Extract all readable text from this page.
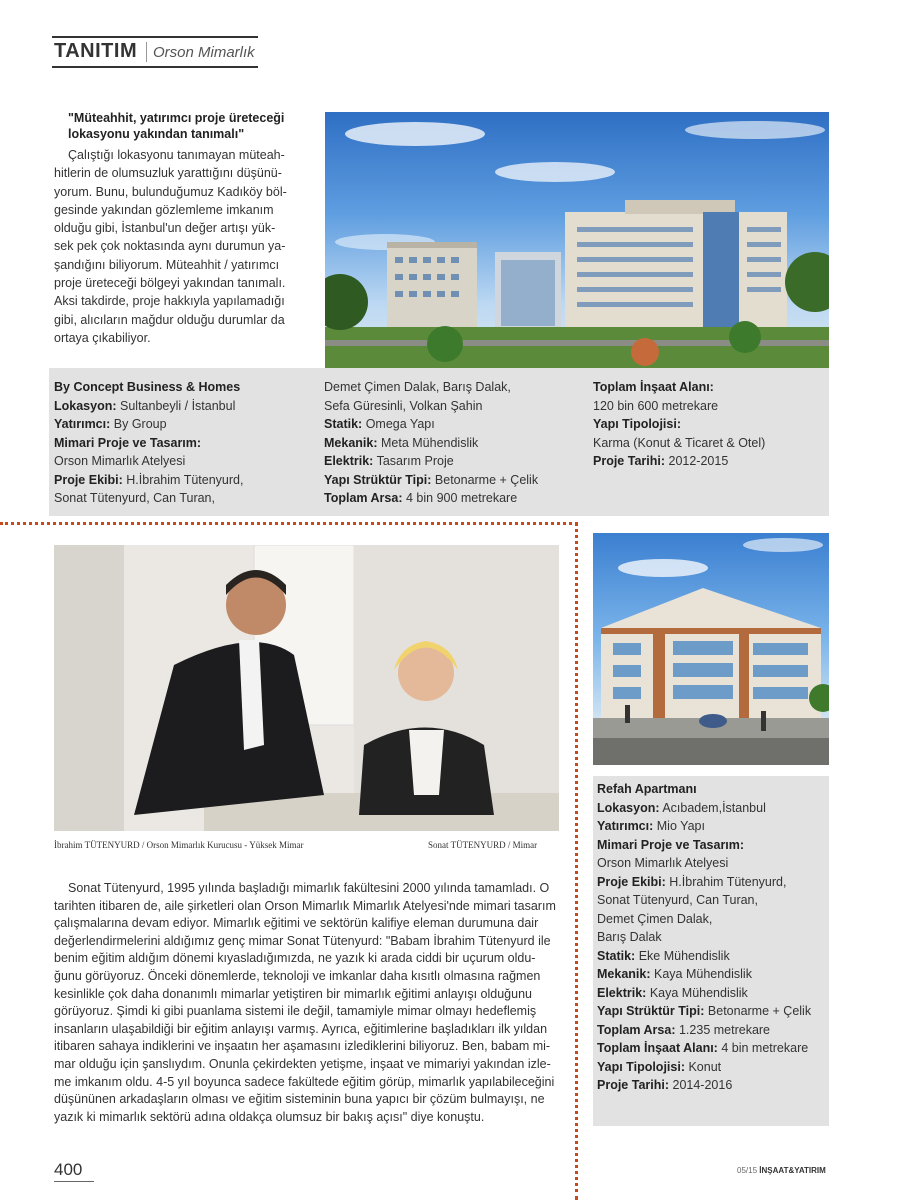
TANITIM Orson Mimarlık
"Müteahhit, yatırımcı proje üreteceği lokasyonu yakından tanımalı"
Çalıştığı lokasyonu tanımayan müteah-
hitlerin de olumsuzluk yarattığını düşünü-
yorum. Bunu, bulunduğumuz Kadıköy böl-
gesinde yakından gözlemleme imkanım
olduğu gibi, İstanbul'un değer artışı yük-
sek pek çok noktasında aynı durumun ya-
şandığını biliyorum. Müteahhit / yatırımcı
proje üreteceği bölgeyi yakından tanımalı.
Aksi takdirde, proje hakkıyla yapılamadığı
gibi, alıcıların mağdur olduğu durumlar da
ortaya çıkabiliyor.
By Concept Business & Homes
Lokasyon: Sultanbeyli / İstanbul
Yatırımcı: By Group
Mimari Proje ve Tasarım:
Orson Mimarlık Atelyesi
Proje Ekibi: H.İbrahim Tütenyurd,
Sonat Tütenyurd, Can Turan,
Demet Çimen Dalak, Barış Dalak,
Sefa Güresinli, Volkan Şahin
Statik: Omega Yapı
Mekanik: Meta Mühendislik
Elektrik: Tasarım Proje
Yapı Strüktür Tipi: Betonarme + Çelik
Toplam Arsa: 4 bin 900 metrekare
Toplam İnşaat Alanı:
120 bin 600 metrekare
Yapı Tipolojisi:
Karma (Konut & Ticaret & Otel)
Proje Tarihi: 2012-2015
İbrahim TÜTENYURD / Orson Mimarlık Kurucusu - Yüksek Mimar	Sonat TÜTENYURD / Mimar
Sonat Tütenyurd, 1995 yılında başladığı mimarlık fakültesini 2000 yılında tamamladı. O
tarihten itibaren de, aile şirketleri olan Orson Mimarlık Mimarlık Atelyesi'nde mimari tasarım
çalışmalarına devam ediyor. Mimarlık eğitimi ve sektörün kalifiye eleman durumuna dair
değerlendirmelerini aldığımız genç mimar Sonat Tütenyurd: "Babam İbrahim Tütenyurd ile
benim eğitim aldığım dönemi kıyasladığımızda, ne yazık ki arada ciddi bir uçurum oldu-
ğunu görüyoruz. Önceki dönemlerde, teknoloji ve imkanlar daha kısıtlı olmasına rağmen
kesinlikle çok daha donanımlı mimarlar yetiştiren bir mimarlık eğitimi anlayışı olduğunu
görüyoruz. Şimdi ki gibi puanlama sistemi ile değil, tamamiyle mimar olmayı hedeflemiş
insanların ulaşabildiği bir eğitim anlayışı varmış. Ayrıca, eğitimlerine başladıkları ilk yıldan
itibaren sahaya indiklerini ve inşaatın her aşamasını izlediklerini biliyoruz. Ben, babam mi-
mar olduğu için şanslıydım. Onunla çekirdekten yetişme, inşaat ve mimariyi yakından izle-
me imkanım oldu. 4-5 yıl boyunca sadece fakültede eğitim görüp, mimarlık yapılabileceğini
düşününen arkadaşların olması ve eğitim sisteminin buna yapıcı bir çözüm bulmayışı, ne
yazık ki mimarlık sektörü adına oldakça olumsuz bir bakış açısı" diye konuştu.
Refah Apartmanı
Lokasyon: Acıbadem,İstanbul
Yatırımcı: Mio Yapı
Mimari Proje ve Tasarım:
Orson Mimarlık Atelyesi
Proje Ekibi: H.İbrahim Tütenyurd,
Sonat Tütenyurd, Can Turan,
Demet Çimen Dalak,
Barış Dalak
Statik: Eke Mühendislik
Mekanik: Kaya Mühendislik
Elektrik: Kaya Mühendislik
Yapı Strüktür Tipi: Betonarme + Çelik
Toplam Arsa: 1.235 metrekare
Toplam İnşaat Alanı: 4 bin metrekare
Yapı Tipolojisi: Konut
Proje Tarihi: 2014-2016
400	05/15 İNŞAAT&YATIRIM
